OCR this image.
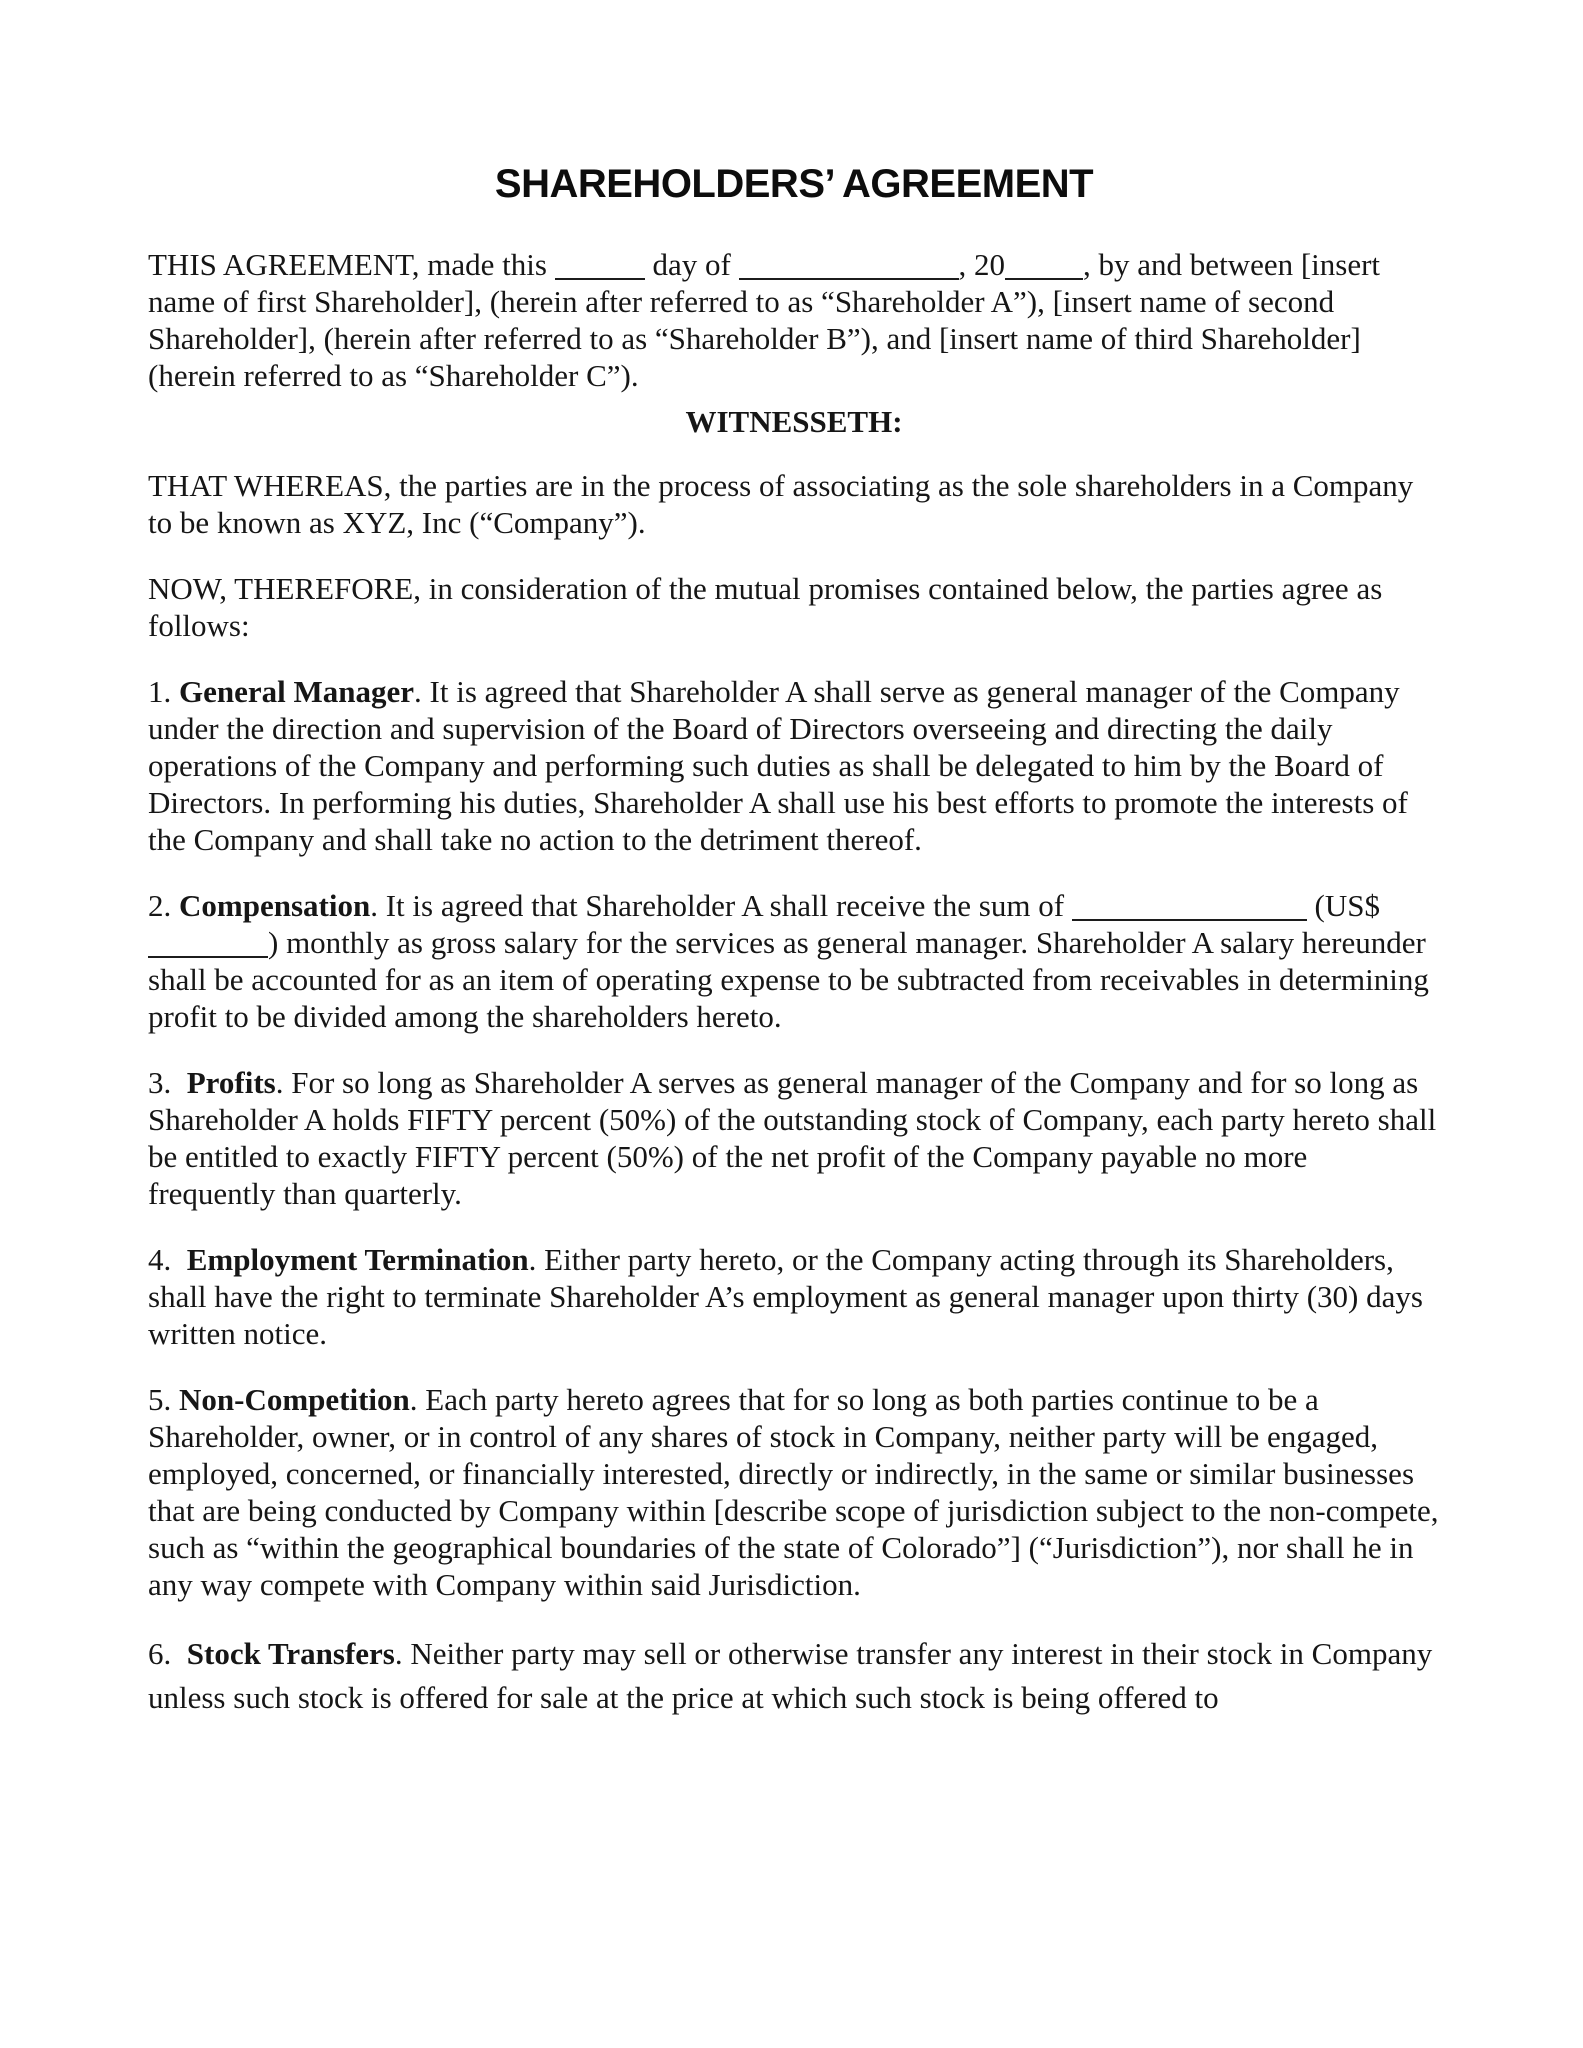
SHAREHOLDERS’ AGREEMENT

THIS AGREEMENT, made this	day of	, 20	, by and between [insert name of first Shareholder], (herein after referred to as “Shareholder A”), [insert name of second Shareholder], (herein after referred to as “Shareholder B”), and [insert name of third Shareholder] (herein referred to as “Shareholder C”).

WITNESSETH:

THAT WHEREAS, the parties are in the process of associating as the sole shareholders in a Company to be known as XYZ, Inc (“Company”).

NOW, THEREFORE, in consideration of the mutual promises contained below, the parties agree as follows:

1. General Manager. It is agreed that Shareholder A shall serve as general manager of the Company under the direction and supervision of the Board of Directors overseeing and directing the daily operations of the Company and performing such duties as shall be delegated to him by the Board of Directors. In performing his duties, Shareholder A shall use his best efforts to promote the interests of the Company and shall take no action to the detriment thereof.

2. Compensation. It is agreed that Shareholder A shall receive the sum of	(US$) monthly as gross salary for the services as general manager. Shareholder A salary hereunder shall be accounted for as an item of operating expense to be subtracted from receivables in determining profit to be divided among the shareholders hereto.

3.  Profits. For so long as Shareholder A serves as general manager of the Company and for so long as Shareholder A holds FIFTY percent (50%) of the outstanding stock of Company, each party hereto shall be entitled to exactly FIFTY percent (50%) of the net profit of the Company payable no more frequently than quarterly.

4.  Employment Termination. Either party hereto, or the Company acting through its Shareholders, shall have the right to terminate Shareholder A’s employment as general manager upon thirty (30) days written notice.

5. Non-Competition. Each party hereto agrees that for so long as both parties continue to be a Shareholder, owner, or in control of any shares of stock in Company, neither party will be engaged, employed, concerned, or financially interested, directly or indirectly, in the same or similar businesses that are being conducted by Company within [describe scope of jurisdiction subject to the non-compete, such as “within the geographical boundaries of the state of Colorado”] (“Jurisdiction”), nor shall he in any way compete with Company within said Jurisdiction.

6.  Stock Transfers. Neither party may sell or otherwise transfer any interest in their stock in Company unless such stock is offered for sale at the price at which such stock is being offered to
